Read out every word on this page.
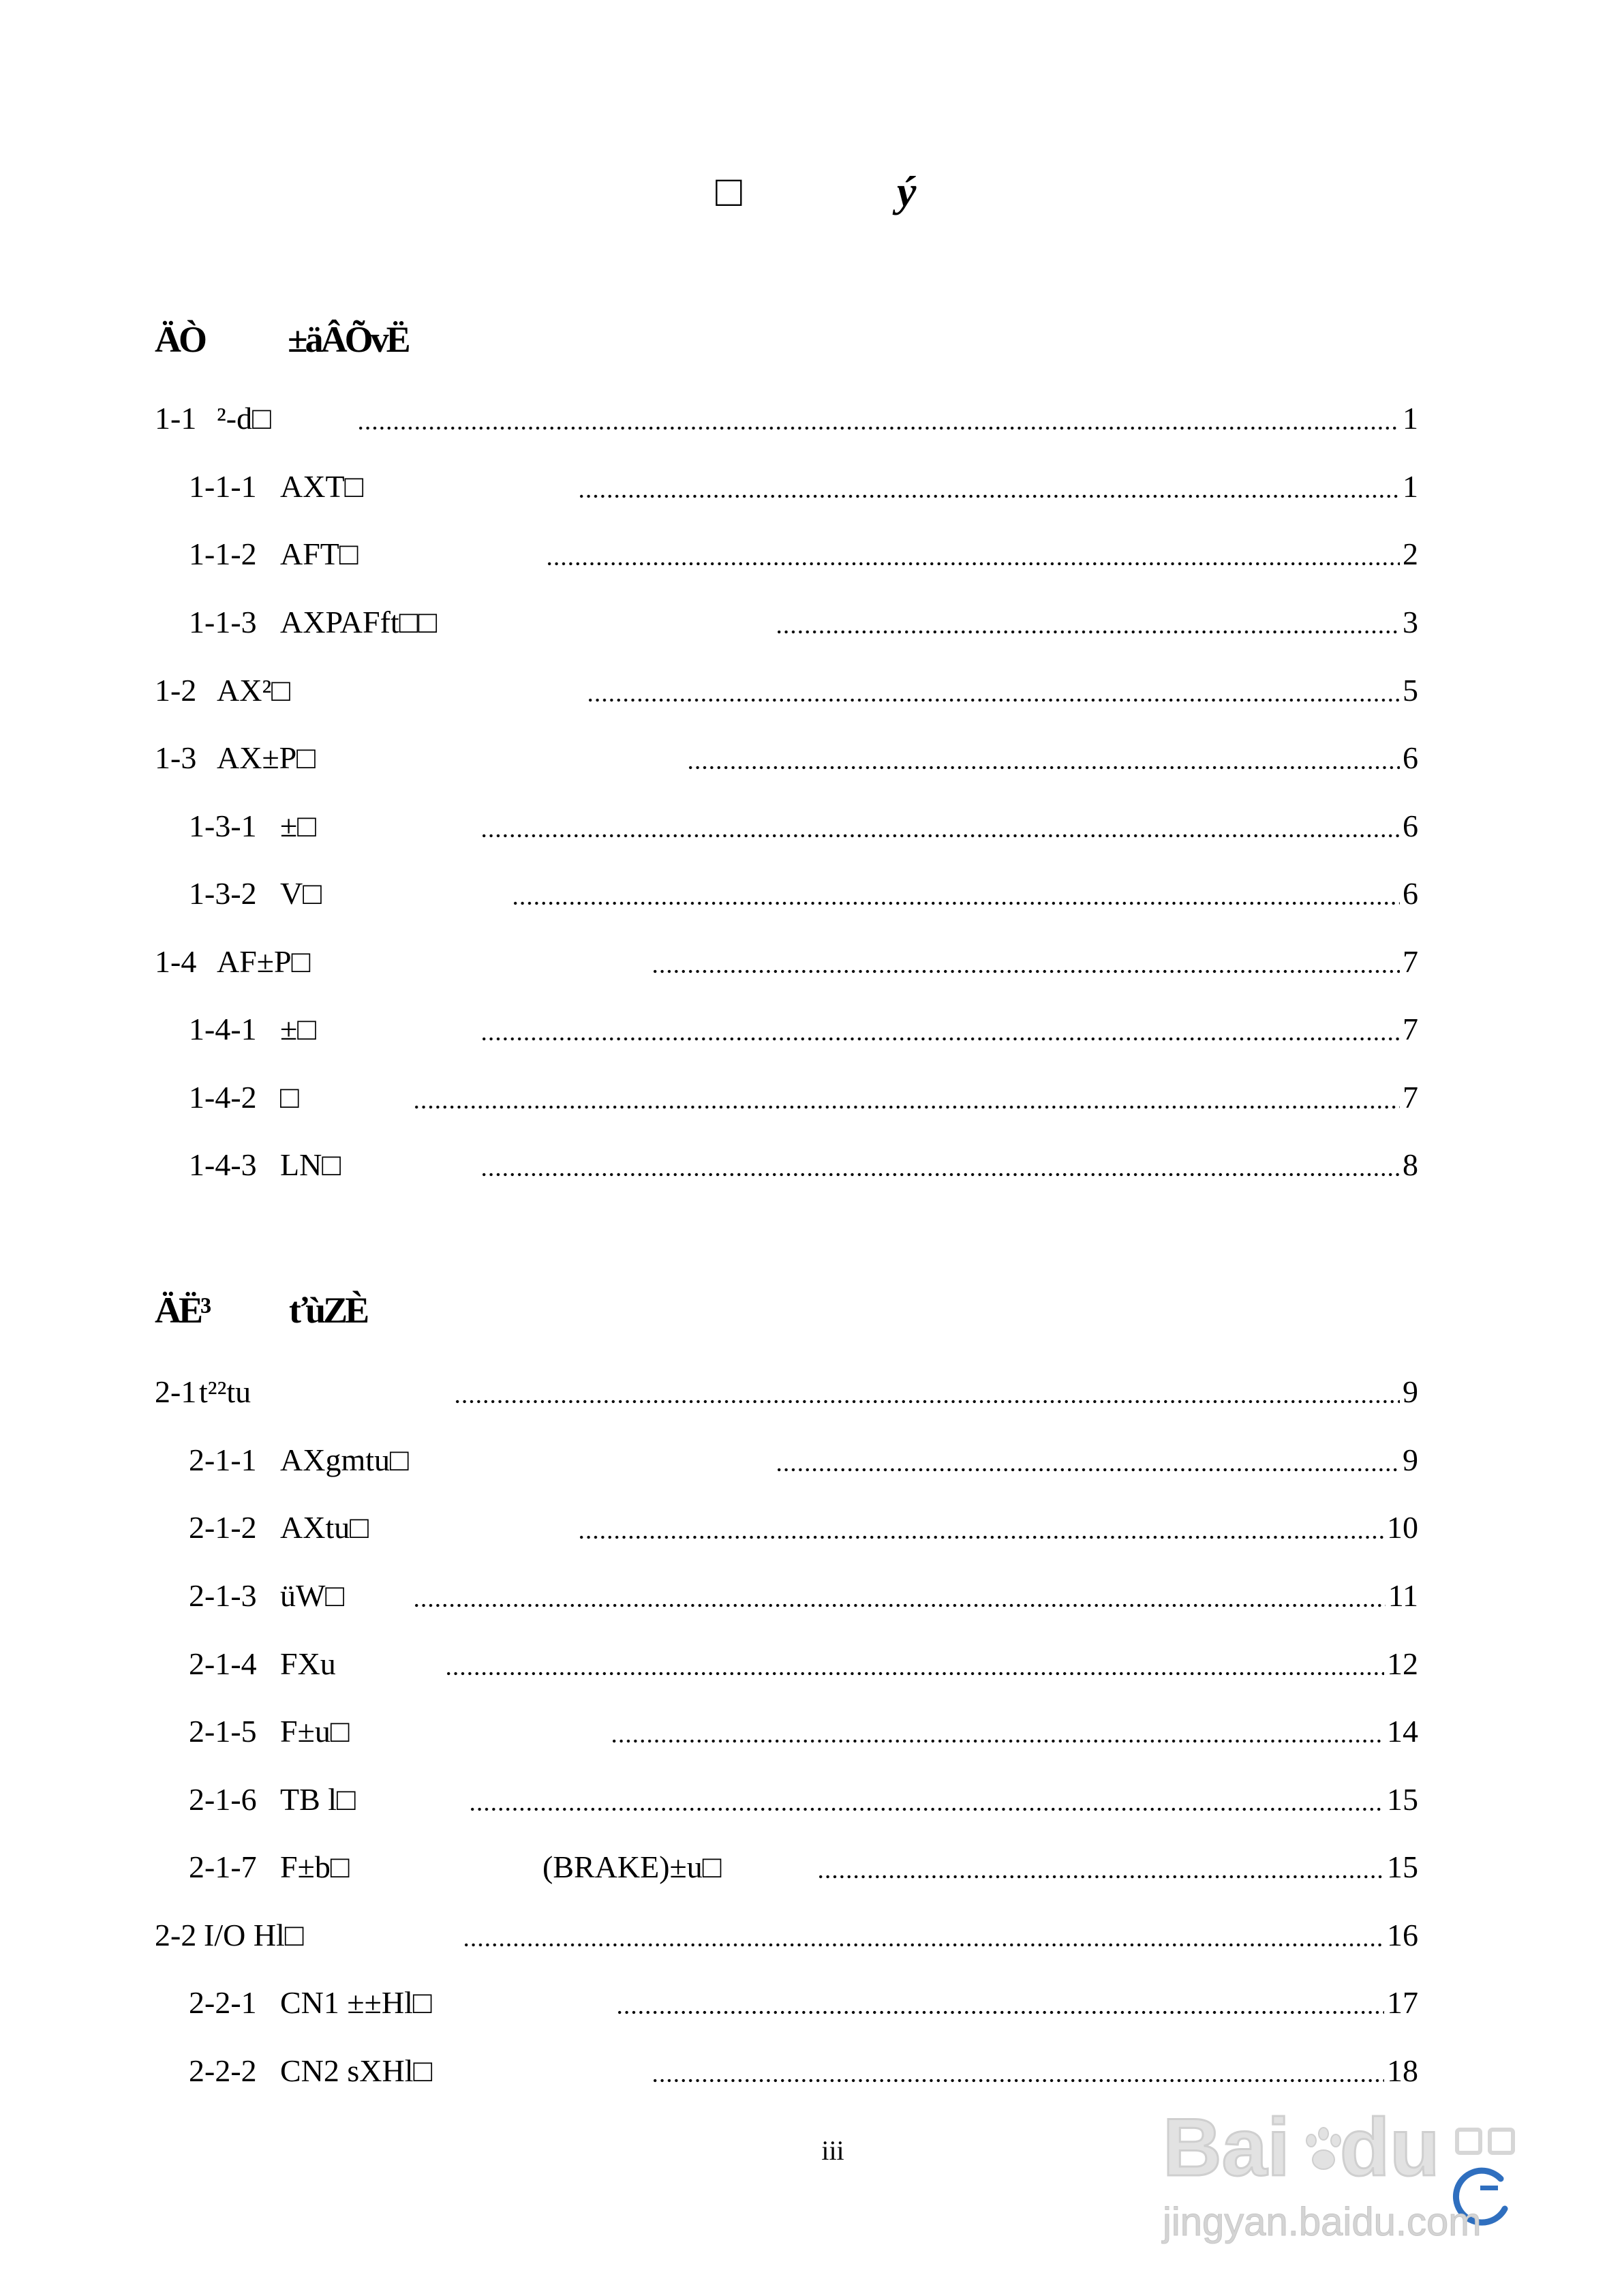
□	ý
ÄÒ ±äÂÕvË
1-1 ²-d□	1
1-1-1 AXT□	1
1-1-2 AFT□	2
1-1-3 AXPAFft□□	3
1-2 AX²□	5
1-3 AX±P□	6
1-3-1 ±□	6
1-3-2 V□	6
1-4 AF±P□	7
1-4-1 ±□	7
1-4-2 □	7
1-4-3 LN□	8
ÄË³ ťùZÈ
2-1 t²²tu	9
2-1-1 AXgmtu□	9
2-1-2 AXtu□	10
2-1-3 üW□	11
2-1-4 FXu	12
2-1-5 F±u□	14
2-1-6 TB l□	15
2-1-7 F±b□	(BRAKE)±u□	15
2-2 I/O Hl□	16
2-2-1 CN1 ±±Hl□	17
2-2-2 CN2 sXHl□	18
iii	Bai du
jingyan.baidu.com
